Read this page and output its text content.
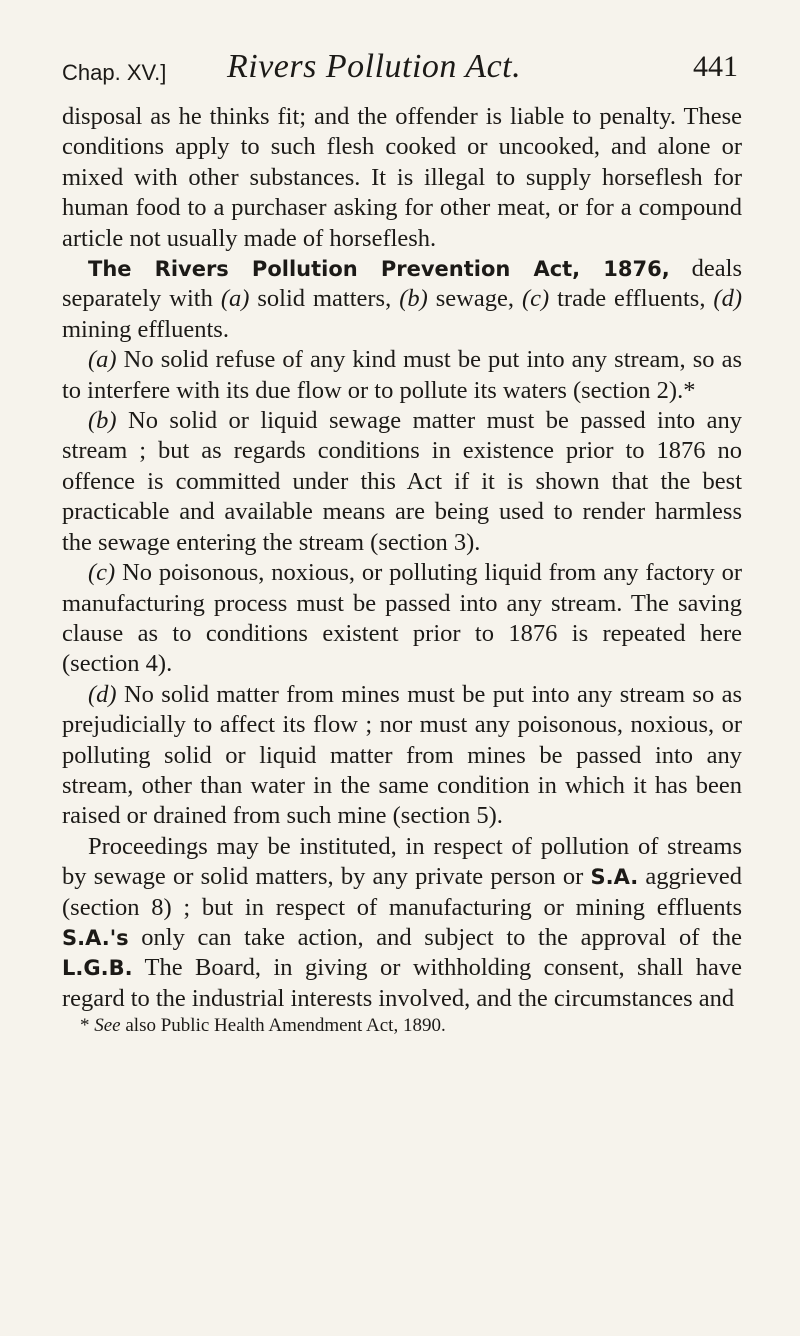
Chap. XV.] Rivers Pollution Act.	441

disposal as he thinks fit; and the offender is liable to penalty. These conditions apply to such flesh cooked or uncooked, and alone or mixed with other substances. It is illegal to supply horseflesh for human food to a purchaser asking for other meat, or for a compound article not usually made of horseflesh.

The Rivers Pollution Prevention Act, 1876, deals separately with (a) solid matters, (b) sewage, (c) trade effluents, (d) mining effluents.

(a) No solid refuse of any kind must be put into any stream, so as to interfere with its due flow or to pollute its waters (section 2).*

(b) No solid or liquid sewage matter must be passed into any stream ; but as regards conditions in existence prior to 1876 no offence is committed under this Act if it is shown that the best practicable and available means are being used to render harmless the sewage entering the stream (section 3).

(c) No poisonous, noxious, or polluting liquid from any factory or manufacturing process must be passed into any stream. The saving clause as to conditions existent prior to 1876 is repeated here (section 4).

(d) No solid matter from mines must be put into any stream so as prejudicially to affect its flow ; nor must any poisonous, noxious, or polluting solid or liquid matter from mines be passed into any stream, other than water in the same condition in which it has been raised or drained from such mine (section 5).

Proceedings may be instituted, in respect of pollution of streams by sewage or solid matters, by any private person or S.A. aggrieved (section 8) ; but in respect of manufacturing or mining effluents S.A.'s only can take action, and subject to the approval of the L.G.B. The Board, in giving or withholding consent, shall have regard to the industrial interests involved, and the circumstances and

* See also Public Health Amendment Act, 1890.
